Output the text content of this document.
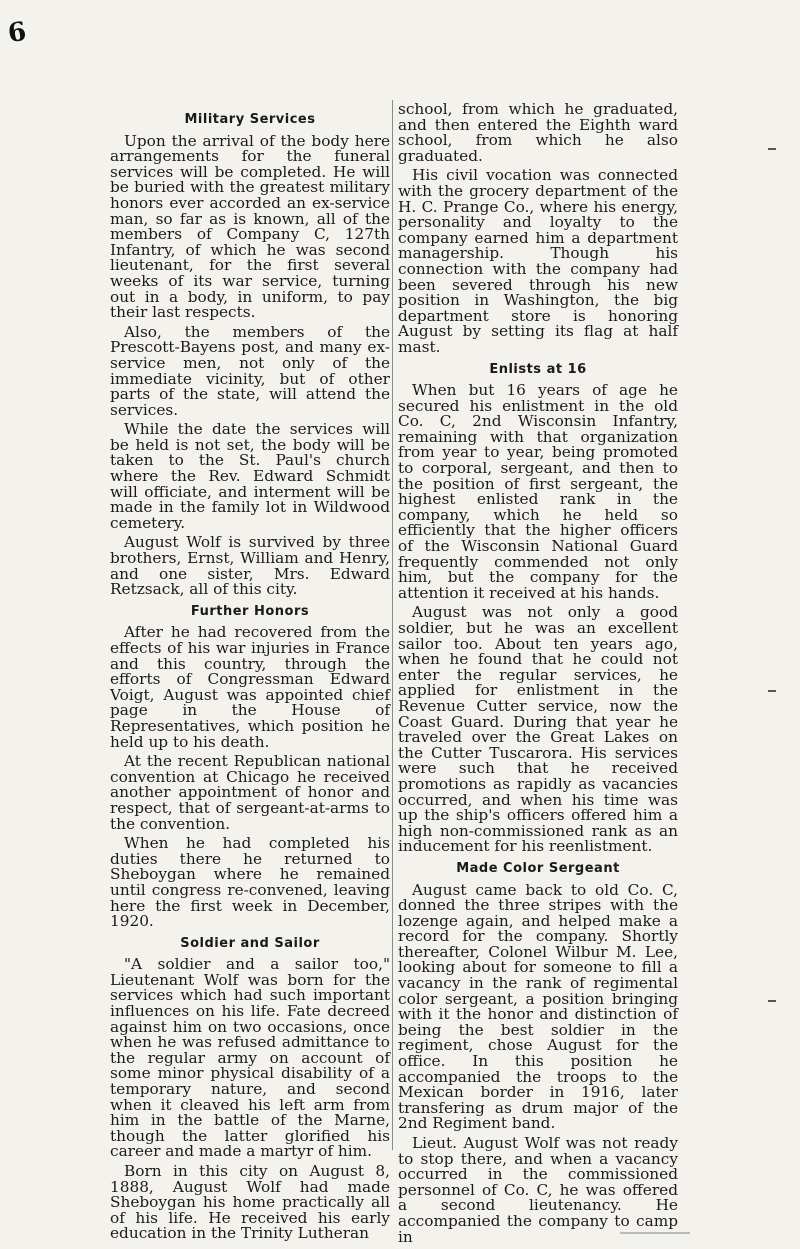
6
Military Services

Upon the arrival of the body here arrangements for the funeral services will be completed. He will be buried with the greatest military honors ever accorded an ex-service man, so far as is known, all of the members of Company C, 127th Infantry, of which he was second lieutenant, for the first several weeks of its war service, turning out in a body, in uniform, to pay their last respects.

Also, the members of the Prescott-Bayens post, and many ex-service men, not only of the immediate vicinity, but of other parts of the state, will attend the services.

While the date the services will be held is not set, the body will be taken to the St. Paul's church where the Rev. Edward Schmidt will officiate, and interment will be made in the family lot in Wildwood cemetery.

August Wolf is survived by three brothers, Ernst, William and Henry, and one sister, Mrs. Edward Retzsack, all of this city.

Further Honors

After he had recovered from the effects of his war injuries in France and this country, through the efforts of Congressman Edward Voigt, August was appointed chief page in the House of Representatives, which position he held up to his death.

At the recent Republican national convention at Chicago he received another appointment of honor and respect, that of sergeant-at-arms to the convention.

When he had completed his duties there he returned to Sheboygan where he remained until congress re-convened, leaving here the first week in December, 1920.

Soldier and Sailor

"A soldier and a sailor too," Lieutenant Wolf was born for the services which had such important influences on his life. Fate decreed against him on two occasions, once when he was refused admittance to the regular army on account of some minor physical disability of a temporary nature, and second when it cleaved his left arm from him in the battle of the Marne, though the latter glorified his career and made a martyr of him.

Born in this city on August 8, 1888, August Wolf had made Sheboygan his home practically all of his life. He received his early education in the Trinity Lutheran

school, from which he graduated, and then entered the Eighth ward school, from which he also graduated.

His civil vocation was connected with the grocery department of the H. C. Prange Co., where his energy, personality and loyalty to the company earned him a department managership. Though his connection with the company had been severed through his new position in Washington, the big department store is honoring August by setting its flag at half mast.

Enlists at 16

When but 16 years of age he secured his enlistment in the old Co. C, 2nd Wisconsin Infantry, remaining with that organization from year to year, being promoted to corporal, sergeant, and then to the position of first sergeant, the highest enlisted rank in the company, which he held so efficiently that the higher officers of the Wisconsin National Guard frequently commended not only him, but the company for the attention it received at his hands.

August was not only a good soldier, but he was an excellent sailor too. About ten years ago, when he found that he could not enter the regular services, he applied for enlistment in the Revenue Cutter service, now the Coast Guard. During that year he traveled over the Great Lakes on the Cutter Tuscarora. His services were such that he received promotions as rapidly as vacancies occurred, and when his time was up the ship's officers offered him a high non-commissioned rank as an inducement for his reenlistment.

Made Color Sergeant

August came back to old Co. C, donned the three stripes with the lozenge again, and helped make a record for the company. Shortly thereafter, Colonel Wilbur M. Lee, looking about for someone to fill a vacancy in the rank of regimental color sergeant, a position bringing with it the honor and distinction of being the best soldier in the regiment, chose August for the office. In this position he accompanied the troops to the Mexican border in 1916, later transfering as drum major of the 2nd Regiment band.

Lieut. August Wolf was not ready to stop there, and when a vacancy occurred in the commissioned personnel of Co. C, he was offered a second lieutenancy. He accompanied the company to camp in
